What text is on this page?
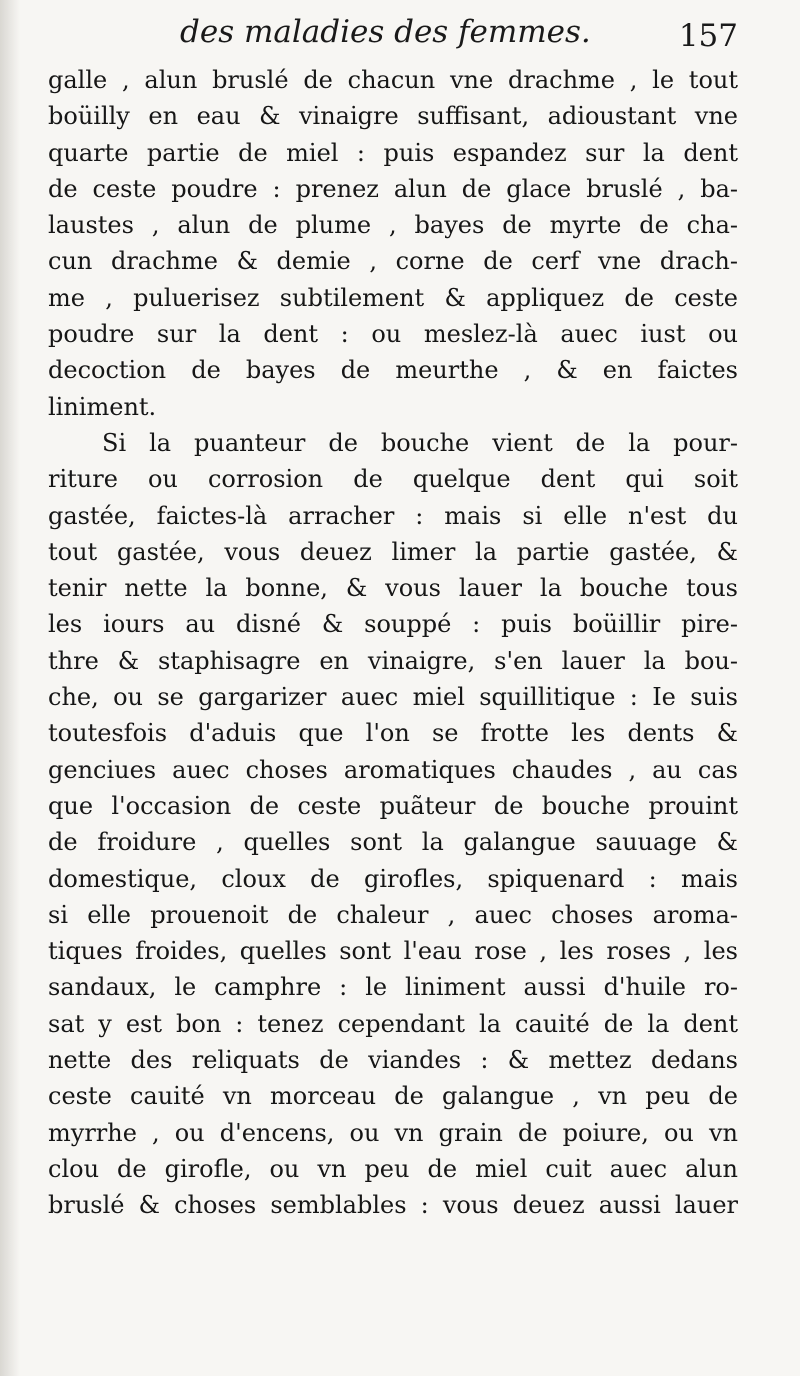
des maladies des femmes.	157
galle , alun bruslé de chacun vne drachme , le tout
boüilly en eau & vinaigre suffisant, adioustant vne
quarte partie de miel : puis espandez sur la dent
de ceste poudre : prenez alun de glace bruslé , ba-
laustes , alun de plume , bayes de myrte de cha-
cun drachme & demie , corne de cerf vne drach-
me , puluerisez subtilement & appliquez de ceste
poudre sur la dent : ou meslez-là auec iust ou
decoction de bayes de meurthe , & en faictes
liniment.
Si la puanteur de bouche vient de la pour-
riture ou corrosion de quelque dent qui soit
gastée, faictes-là arracher : mais si elle n'est du
tout gastée, vous deuez limer la partie gastée, &
tenir nette la bonne, & vous lauer la bouche tous
les iours au disné & souppé : puis boüillir pire-
thre & staphisagre en vinaigre, s'en lauer la bou-
che, ou se gargarizer auec miel squillitique : Ie suis
toutesfois d'aduis que l'on se frotte les dents &
genciues auec choses aromatiques chaudes , au cas
que l'occasion de ceste puãteur de bouche prouint
de froidure , quelles sont la galangue sauuage &
domestique, cloux de girofles, spiquenard : mais
si elle prouenoit de chaleur , auec choses aroma-
tiques froides, quelles sont l'eau rose , les roses , les
sandaux, le camphre : le liniment aussi d'huile ro-
sat y est bon : tenez cependant la cauité de la dent
nette des reliquats de viandes : & mettez dedans
ceste cauité vn morceau de galangue , vn peu de
myrrhe , ou d'encens, ou vn grain de poiure, ou vn
clou de girofle, ou vn peu de miel cuit auec alun
bruslé & choses semblables : vous deuez aussi lauer
